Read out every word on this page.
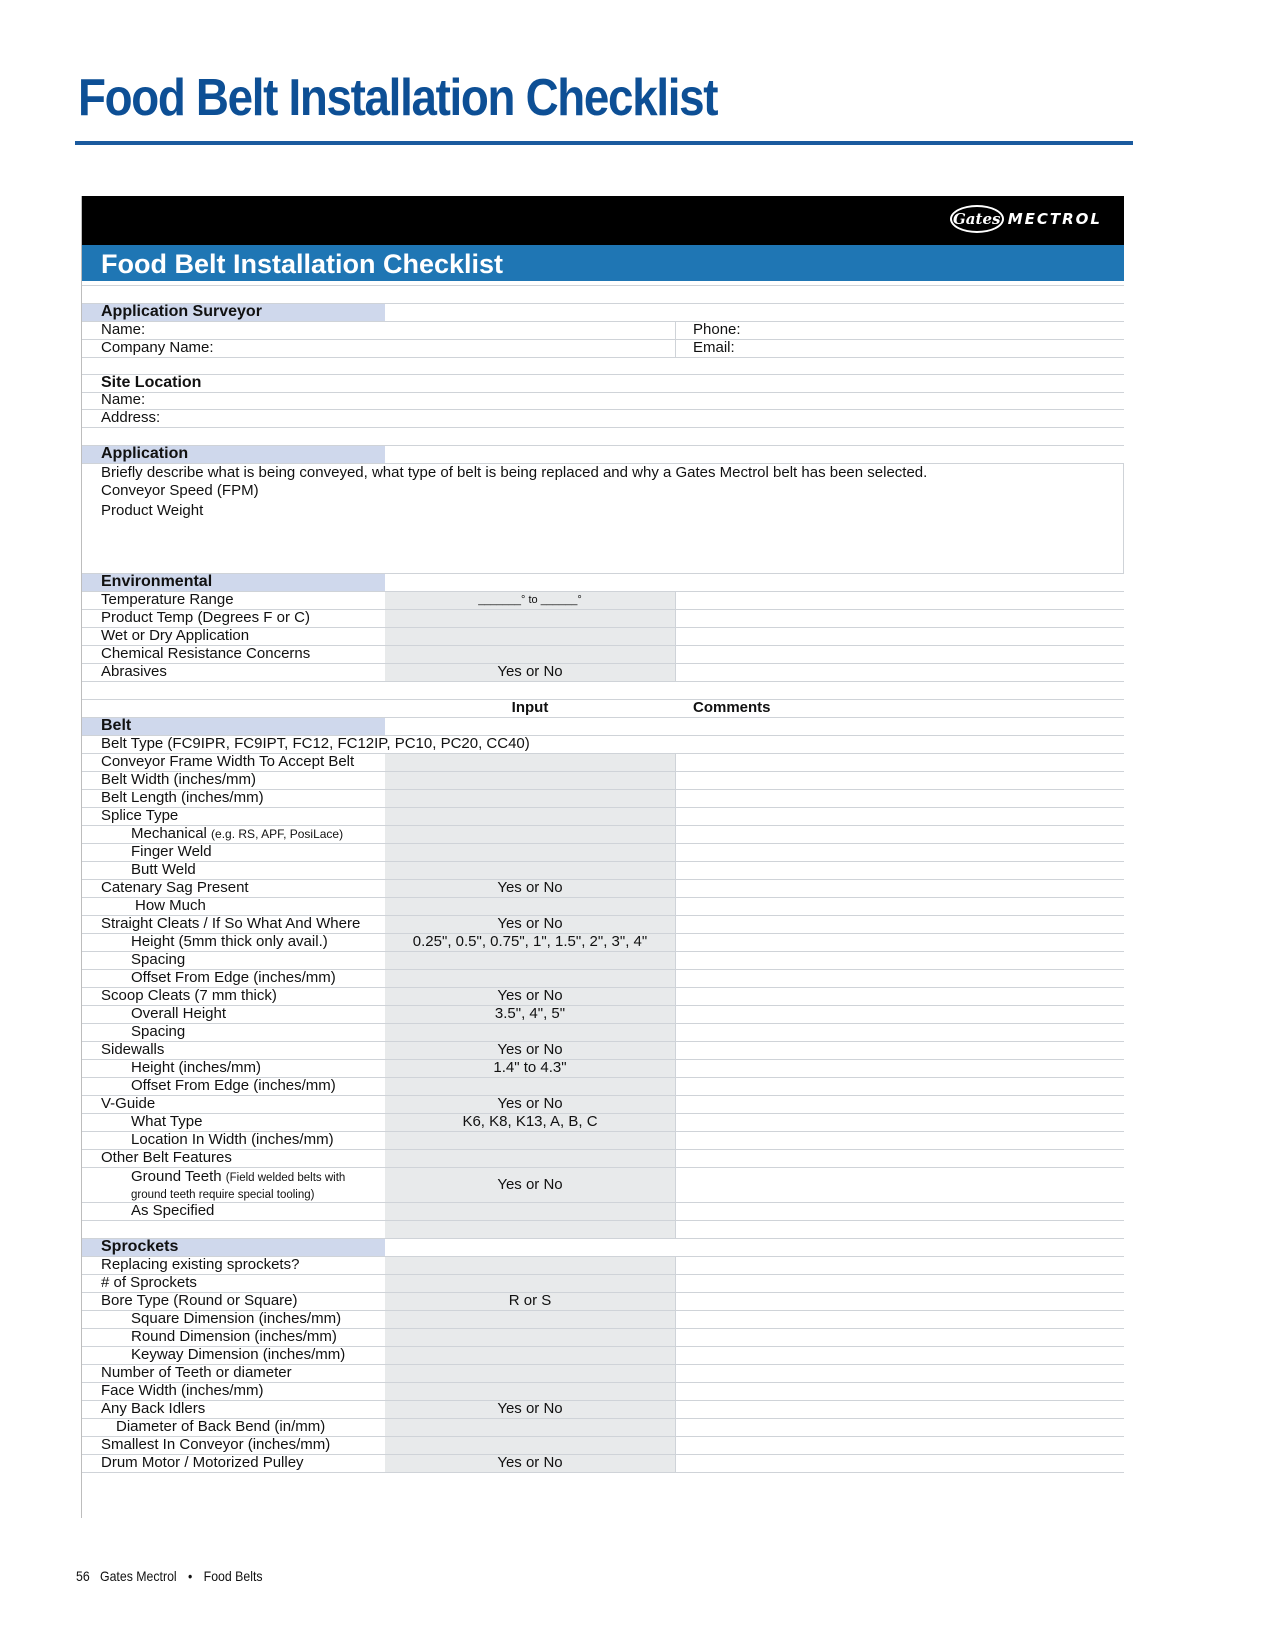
Food Belt Installation Checklist
Gates MECTROL
Food Belt Installation Checklist
Application Surveyor
Name:	Phone:
Company Name:	Email:
Site Location
Name:
Address:
Application
Briefly describe what is being conveyed, what type of belt is being replaced and why a Gates Mectrol belt has been selected.
Conveyor Speed (FPM)
Product Weight
Environmental
Temperature Range	_______° to ______°
Product Temp (Degrees F or C)
Wet or Dry Application
Chemical Resistance Concerns
Abrasives	Yes or No
Input	Comments
Belt
Belt Type (FC9IPR, FC9IPT, FC12, FC12IP, PC10, PC20, CC40)
Conveyor Frame Width To Accept Belt
Belt Width (inches/mm)
Belt Length (inches/mm)
Splice Type
Mechanical (e.g. RS, APF, PosiLace)
Finger Weld
Butt Weld
Catenary Sag Present	Yes or No
How Much
Straight Cleats / If So What And Where	Yes or No
Height (5mm thick only avail.)	0.25", 0.5", 0.75", 1", 1.5", 2", 3", 4"
Spacing
Offset From Edge (inches/mm)
Scoop Cleats (7 mm thick)	Yes or No
Overall Height	3.5", 4", 5"
Spacing
Sidewalls	Yes or No
Height (inches/mm)	1.4" to 4.3"
Offset From Edge (inches/mm)
V-Guide	Yes or No
What Type	K6, K8, K13, A, B, C
Location In Width (inches/mm)
Other Belt Features
Ground Teeth (Field welded belts with
ground teeth require special tooling)
Yes or No
As Specified
Sprockets
Replacing existing sprockets?
# of Sprockets
Bore Type (Round or Square)	R or S
Square Dimension (inches/mm)
Round Dimension (inches/mm)
Keyway Dimension (inches/mm)
Number of Teeth or diameter
Face Width (inches/mm)
Any Back Idlers	Yes or No
Diameter of Back Bend (in/mm)
Smallest In Conveyor (inches/mm)
Drum Motor / Motorized Pulley	Yes or No
56 Gates Mectrol • Food Belts
